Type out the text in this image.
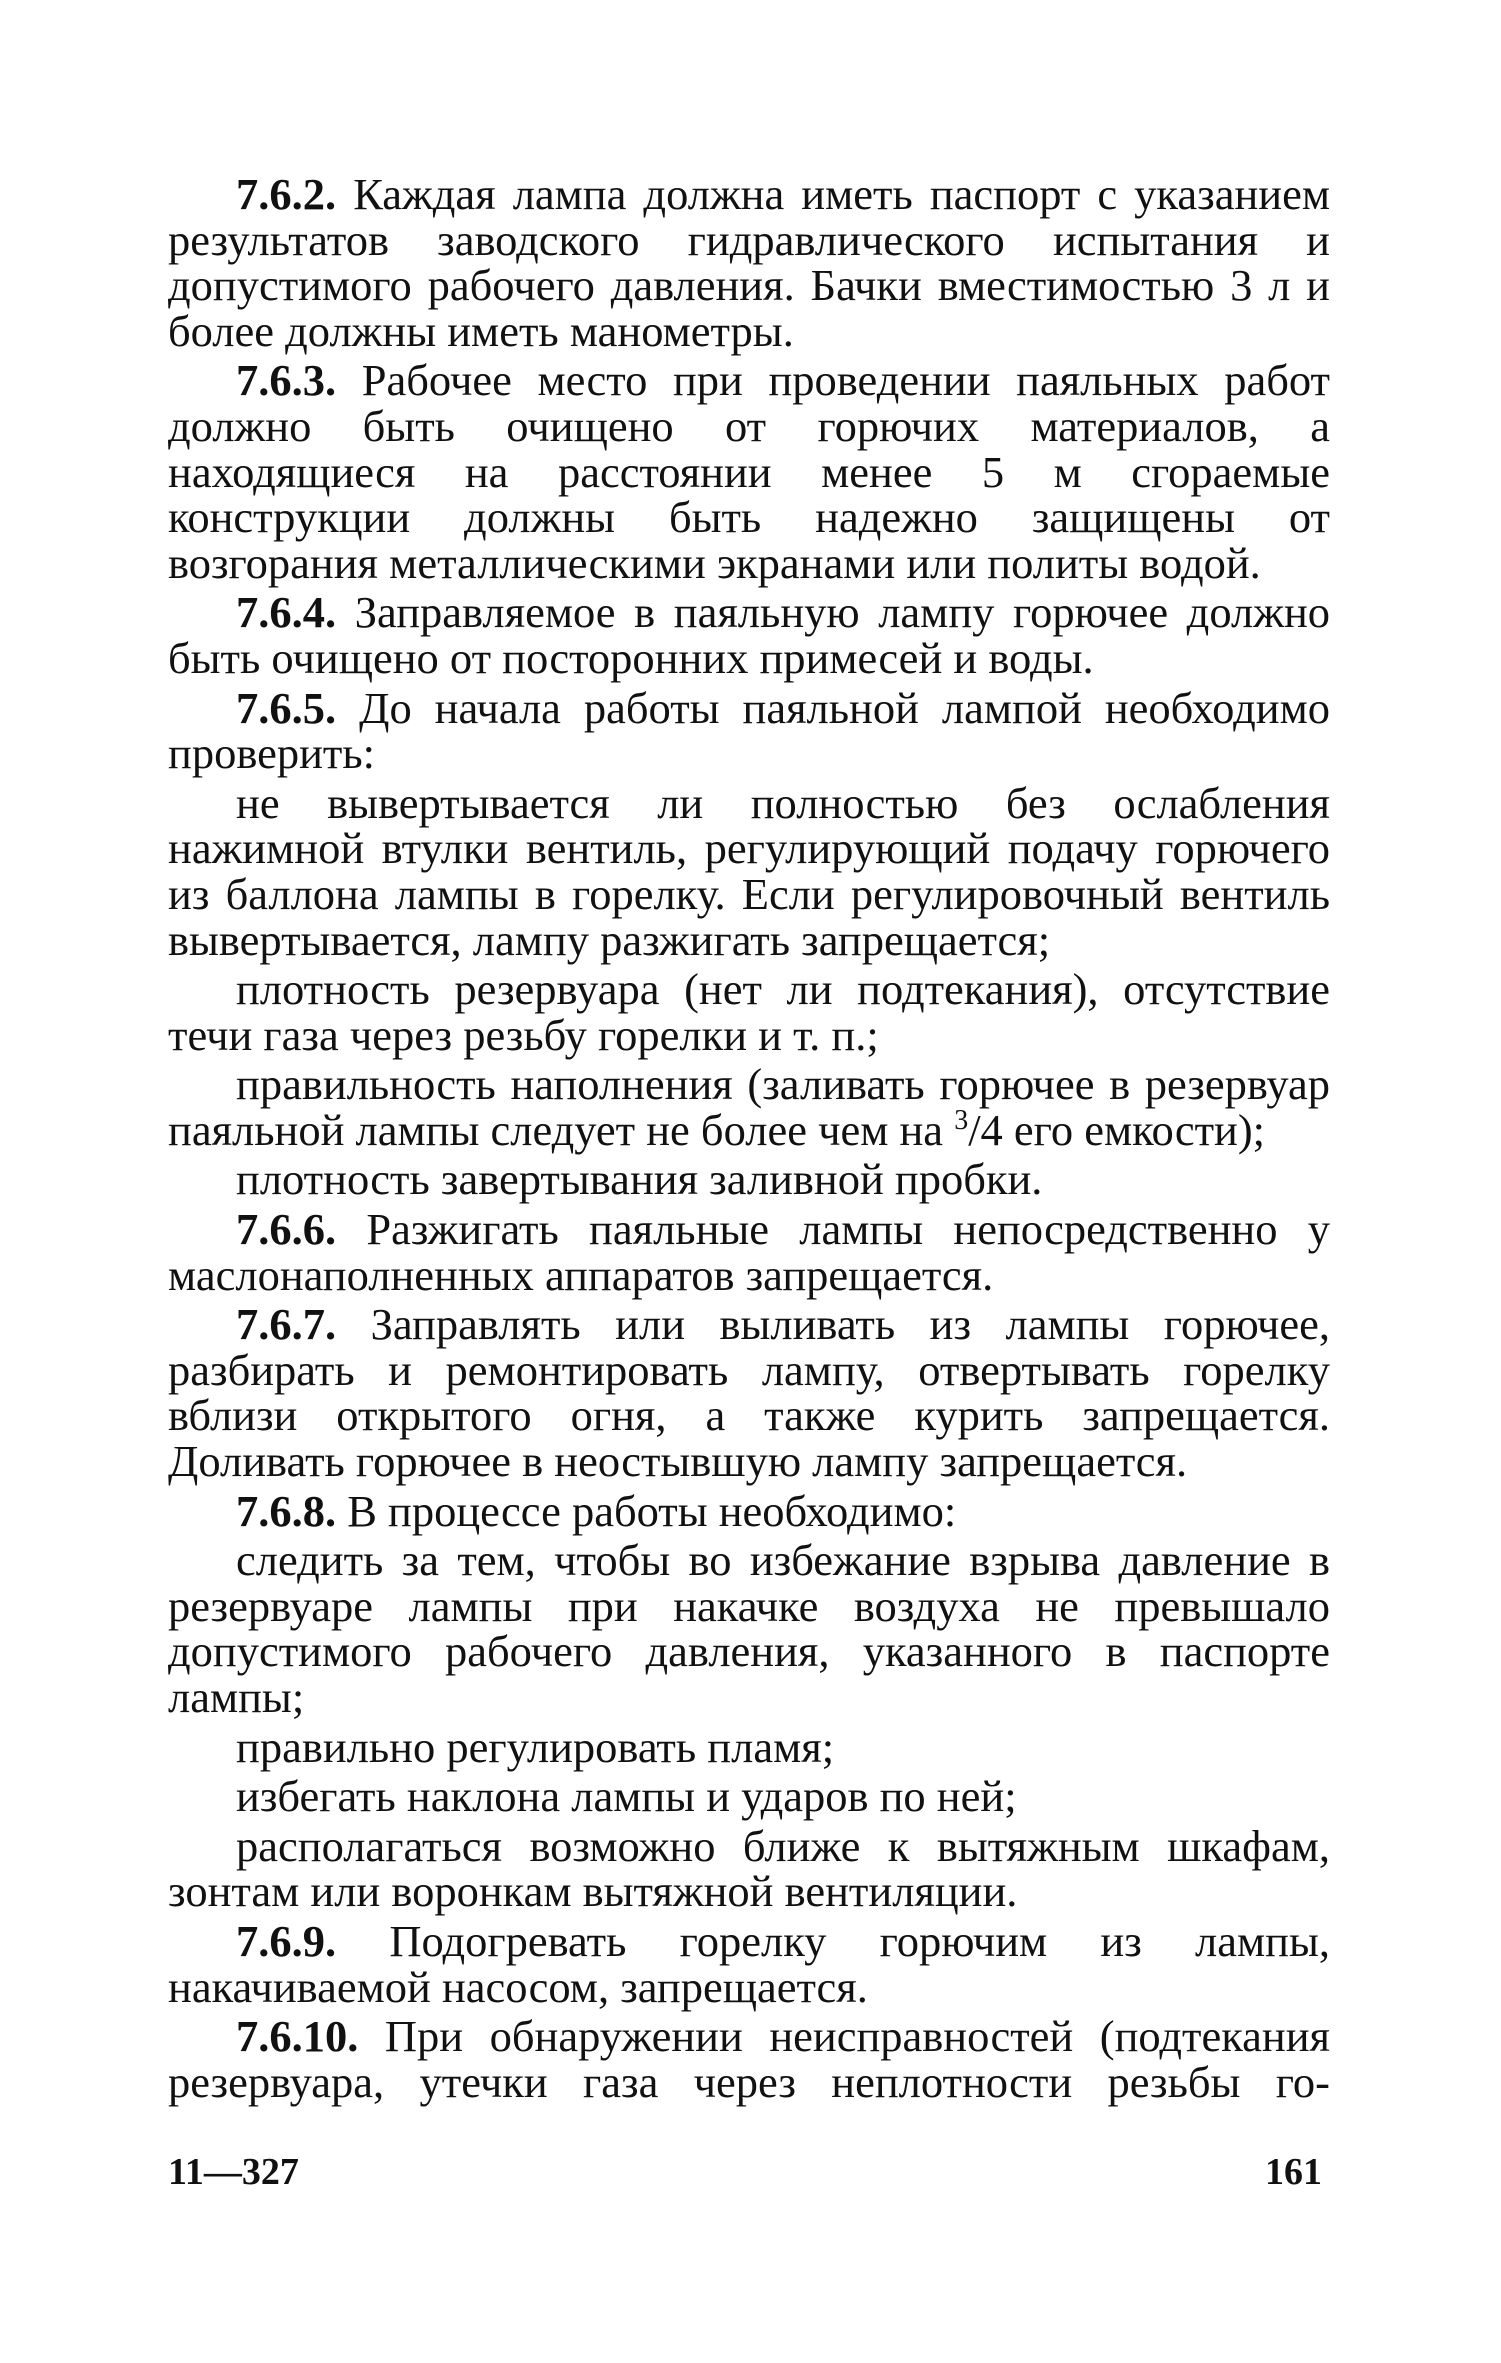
7.6.2. Каждая лампа должна иметь паспорт с указанием результатов заводского гидравлического испытания и допустимого рабочего давления. Бачки вместимостью 3 л и более должны иметь манометры.

7.6.3. Рабочее место при проведении паяльных работ должно быть очищено от горючих материалов, а находящиеся на расстоянии менее 5 м сгораемые конструкции должны быть надежно защищены от возгорания металлическими экранами или политы водой.

7.6.4. Заправляемое в паяльную лампу горючее должно быть очищено от посторонних примесей и воды.

7.6.5. До начала работы паяльной лампой необходимо проверить:

не вывертывается ли полностью без ослабления нажимной втулки вентиль, регулирующий подачу горючего из баллона лампы в горелку. Если регулировочный вентиль вывертывается, лампу разжигать запрещается;

плотность резервуара (нет ли подтекания), отсутствие течи газа через резьбу горелки и т. п.;

правильность наполнения (заливать горючее в резервуар паяльной лампы следует не более чем на $^3$/4 его емкости);

плотность завертывания заливной пробки.

7.6.6. Разжигать паяльные лампы непосредственно у маслонаполненных аппаратов запрещается.

7.6.7. Заправлять или выливать из лампы горючее, разбирать и ремонтировать лампу, отвертывать горелку вблизи открытого огня, а также курить запрещается. Доливать горючее в неостывшую лампу запрещается.

7.6.8. В процессе работы необходимо:

следить за тем, чтобы во избежание взрыва давление в резервуаре лампы при накачке воздуха не превышало допустимого рабочего давления, указанного в паспорте лампы;

правильно регулировать пламя;

избегать наклона лампы и ударов по ней;

располагаться возможно ближе к вытяжным шкафам, зонтам или воронкам вытяжной вентиляции.

7.6.9. Подогревать горелку горючим из лампы, накачиваемой насосом, запрещается.

7.6.10. При обнаружении неисправностей (подтекания резервуара, утечки газа через неплотности резьбы го-

11—327	161
